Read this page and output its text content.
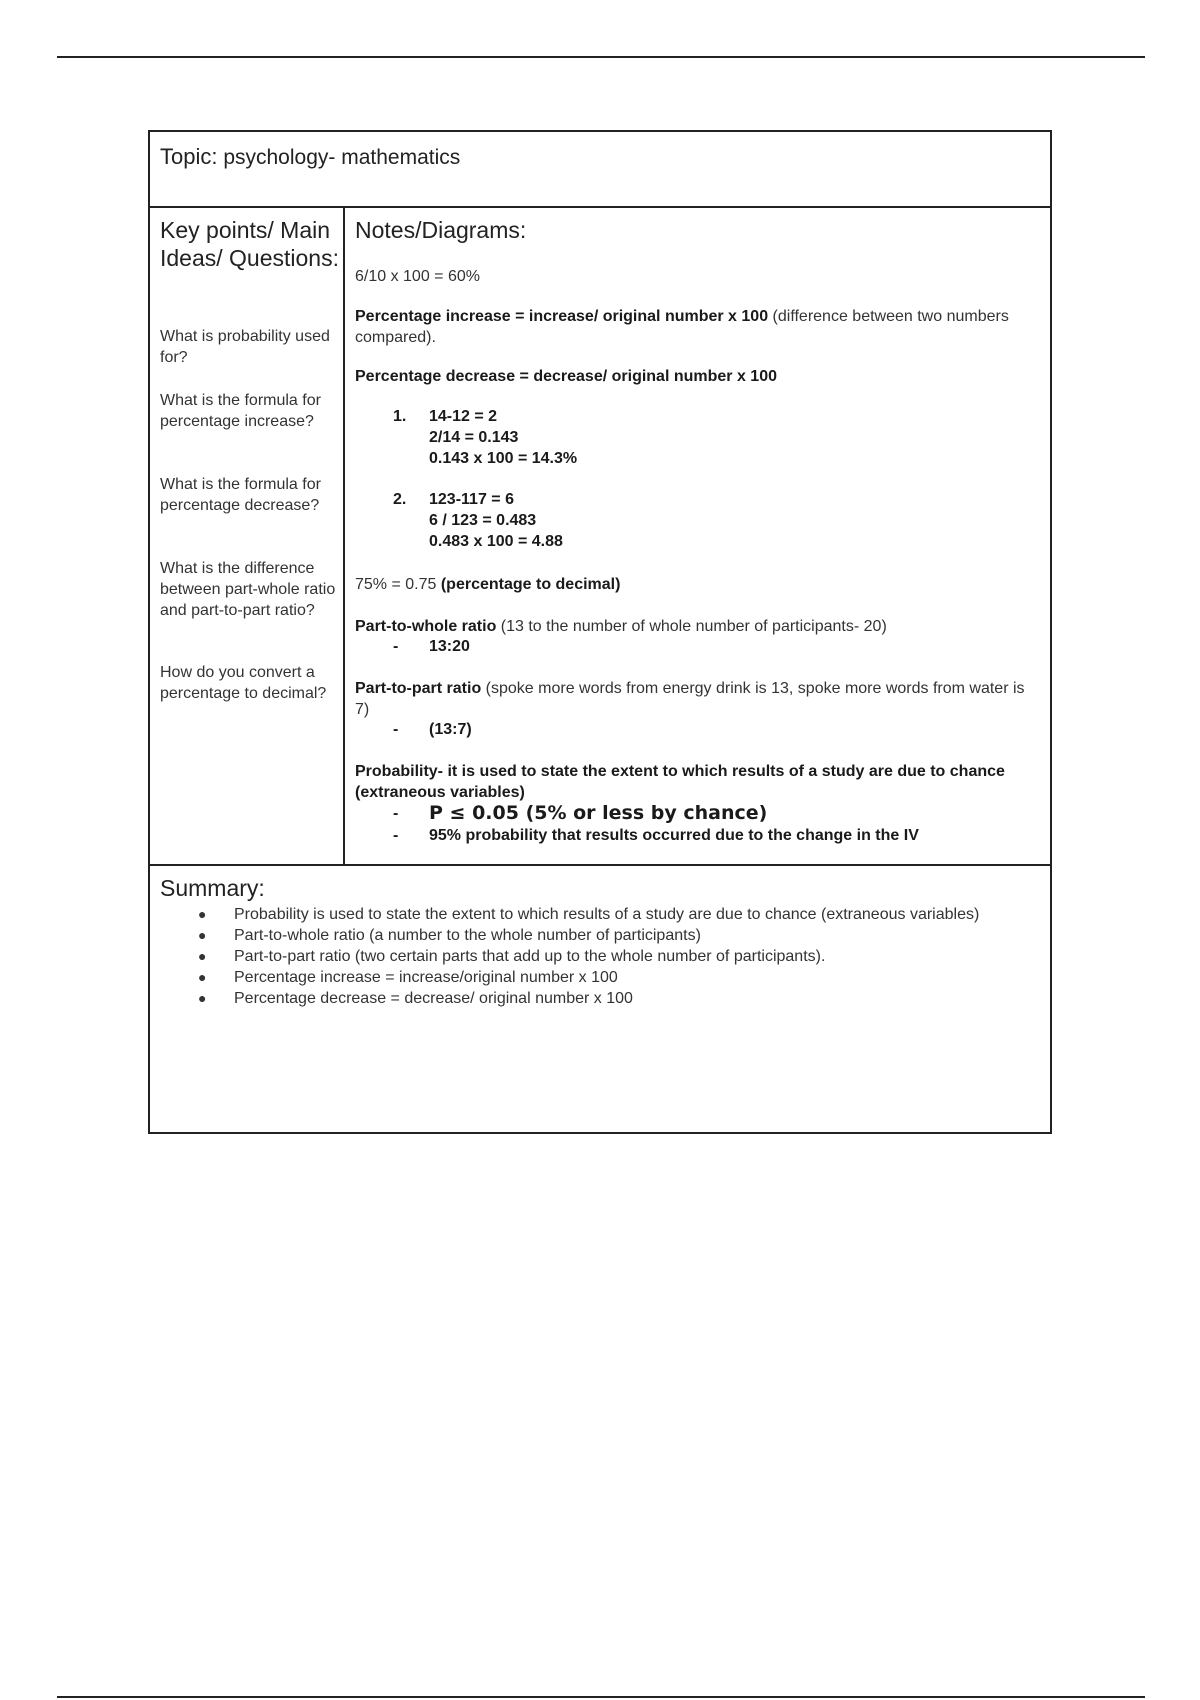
Topic: psychology- mathematics
Key points/ Main Ideas/ Questions:
What is probability used for?
What is the formula for percentage increase?
What is the formula for percentage decrease?
What is the difference between part-whole ratio and part-to-part ratio?
How do you convert a percentage to decimal?
Notes/Diagrams:
6/10 x 100 = 60%
Percentage increase = increase/ original number x 100 (difference between two numbers compared).
Percentage decrease = decrease/ original number x 100
1. 14-12 = 2
2/14 = 0.143
0.143 x 100 = 14.3%
2. 123-117 = 6
6 / 123 = 0.483
0.483 x 100 = 4.88
75% = 0.75 (percentage to decimal)
Part-to-whole ratio (13 to the number of whole number of participants- 20)
- 13:20
Part-to-part ratio (spoke more words from energy drink is 13, spoke more words from water is 7)
- (13:7)
Probability- it is used to state the extent to which results of a study are due to chance (extraneous variables)
- P ≤ 0.05 (5% or less by chance)
- 95% probability that results occurred due to the change in the IV
Summary:
● Probability is used to state the extent to which results of a study are due to chance (extraneous variables)
● Part-to-whole ratio (a number to the whole number of participants)
● Part-to-part ratio (two certain parts that add up to the whole number of participants).
● Percentage increase = increase/original number x 100
● Percentage decrease = decrease/ original number x 100
